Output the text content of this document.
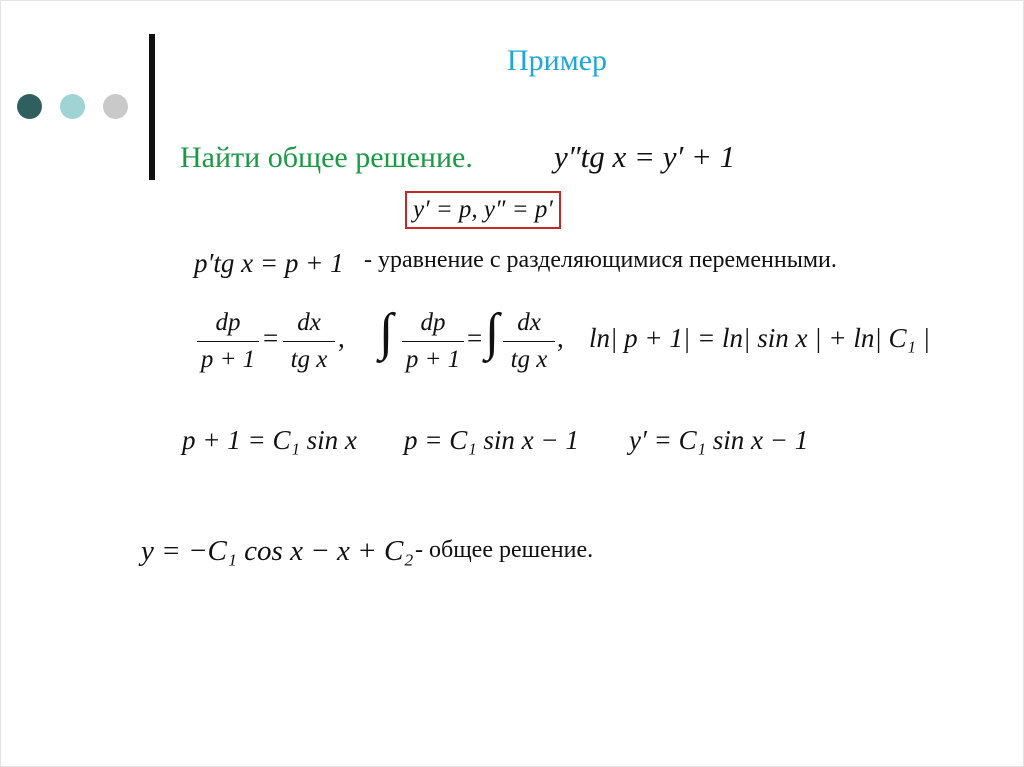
Пример
Найти общее решение.	y″tg x = y′ + 1
y′ = p, y″ = p′
p′tg x = p + 1 - уравнение с разделяющимися переменными.
dp
p + 1
=
dx
tg x
, ∫	dp
p + 1
= ∫ dx
tg x
, ln| p + 1| = ln| sin x | + ln| C₁ |
p + 1 = C₁ sin x p = C₁ sin x − 1 y′ = C₁ sin x − 1
y = −C₁ cos x − x + C₂ - общее решение.
